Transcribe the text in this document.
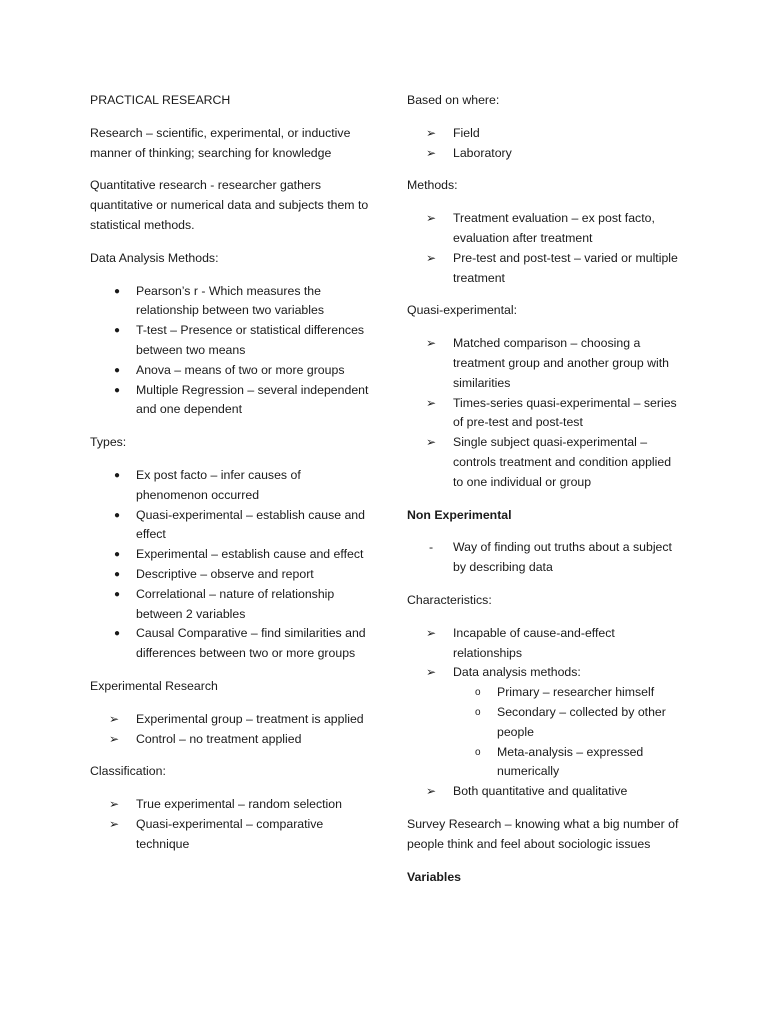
PRACTICAL RESEARCH

Research – scientific, experimental, or inductive manner of thinking; searching for knowledge

Quantitative research - researcher gathers quantitative or numerical data and subjects them to statistical methods.

Data Analysis Methods:

●	Pearson’s r - Which measures the relationship between two variables
●	T-test – Presence or statistical differences between two means
●	Anova – means of two or more groups
●	Multiple Regression – several independent and one dependent

Types:

●	Ex post facto – infer causes of phenomenon occurred
●	Quasi-experimental – establish cause and effect
●	Experimental – establish cause and effect
●	Descriptive – observe and report
●	Correlational – nature of relationship between 2 variables
●	Causal Comparative – find similarities and differences between two or more groups

Experimental Research

➢	Experimental group – treatment is applied
➢	Control – no treatment applied

Classification:

➢	True experimental – random selection
➢	Quasi-experimental – comparative technique

Based on where:

➢	Field
➢	Laboratory

Methods:

➢	Treatment evaluation – ex post facto, evaluation after treatment
➢	Pre-test and post-test – varied or multiple treatment

Quasi-experimental:

➢	Matched comparison – choosing a treatment group and another group with similarities
➢	Times-series quasi-experimental – series of pre-test and post-test
➢	Single subject quasi-experimental – controls treatment and condition applied to one individual or group

Non Experimental

-	Way of finding out truths about a subject by describing data

Characteristics:

➢	Incapable of cause-and-effect relationships
➢	Data analysis methods:
o Primary – researcher himself
o Secondary – collected by other people
o Meta-analysis – expressed numerically
➢	Both quantitative and qualitative

Survey Research – knowing what a big number of people think and feel about sociologic issues

Variables
